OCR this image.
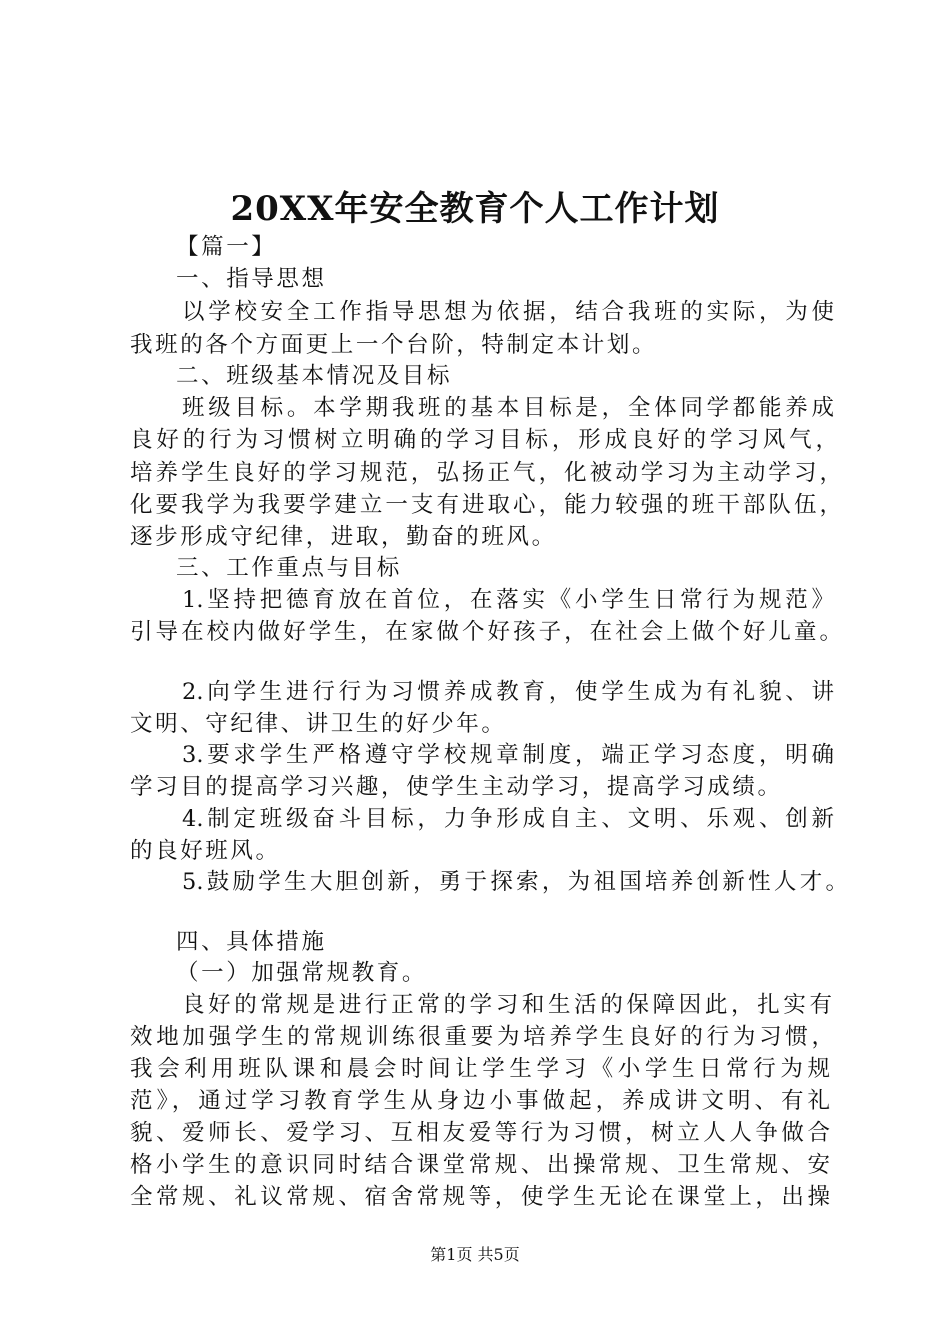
20XX年安全教育个人工作计划
【篇一】
一、指导思想
以学校安全工作指导思想为依据，结合我班的实际，为使
我班的各个方面更上一个台阶，特制定本计划。
二、班级基本情况及目标
班级目标。本学期我班的基本目标是，全体同学都能养成
良好的行为习惯树立明确的学习目标，形成良好的学习风气，
培养学生良好的学习规范，弘扬正气，化被动学习为主动学习，
化要我学为我要学建立一支有进取心，能力较强的班干部队伍，
逐步形成守纪律，进取，勤奋的班风。
三、工作重点与目标
1.坚持把德育放在首位，在落实《小学生日常行为规范》
引导在校内做好学生，在家做个好孩子，在社会上做个好儿童。
2.向学生进行行为习惯养成教育，使学生成为有礼貌、讲
文明、守纪律、讲卫生的好少年。
3.要求学生严格遵守学校规章制度，端正学习态度，明确
学习目的提高学习兴趣，使学生主动学习，提高学习成绩。
4.制定班级奋斗目标，力争形成自主、文明、乐观、创新
的良好班风。
5.鼓励学生大胆创新，勇于探索，为祖国培养创新性人才。
四、具体措施
（一）加强常规教育。
良好的常规是进行正常的学习和生活的保障因此，扎实有
效地加强学生的常规训练很重要为培养学生良好的行为习惯，
我会利用班队课和晨会时间让学生学习《小学生日常行为规
范》，通过学习教育学生从身边小事做起，养成讲文明、有礼
貌、爱师长、爱学习、互相友爱等行为习惯，树立人人争做合
格小学生的意识同时结合课堂常规、出操常规、卫生常规、安
全常规、礼议常规、宿舍常规等，使学生无论在课堂上，出操
第1页 共5页
